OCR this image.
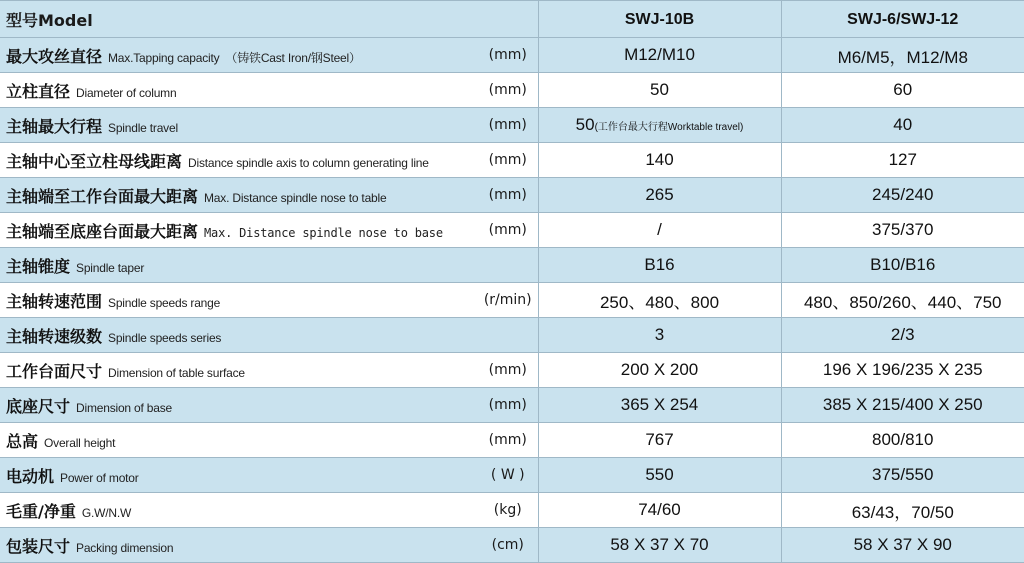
型号Model		SWJ-10B	SWJ-6/SWJ-12
最大攻丝直径 Max.Tapping capacity （铸铁Cast Iron/钢Steel）	(mm)	M12/M10	M6/M5，M12/M8
立柱直径 Diameter of column	(mm)	50	60
主轴最大行程 Spindle travel	(mm)	50(工作台最大行程Worktable travel)	40
主轴中心至立柱母线距离 Distance spindle axis to column generating line	(mm)	140	127
主轴端至工作台面最大距离 Max. Distance spindle nose to table	(mm)	265	245/240
主轴端至底座台面最大距离 Max. Distance spindle nose to base	(mm)	/	375/370
主轴锥度 Spindle taper		B16	B10/B16
主轴转速范围 Spindle speeds range	(r/min)	250、480、800	480、850/260、440、750
主轴转速级数 Spindle speeds series		3	2/3
工作台面尺寸 Dimension of table surface	(mm)	200 X 200	196 X 196/235 X 235
底座尺寸 Dimension of base	(mm)	365 X 254	385 X 215/400 X 250
总高 Overall height	(mm)	767	800/810
电动机 Power of motor	( W )	550	375/550
毛重/净重 G.W/N.W	(kg)	74/60	63/43，70/50
包装尺寸 Packing dimension	(cm)	58 X 37 X 70	58 X 37 X 90
